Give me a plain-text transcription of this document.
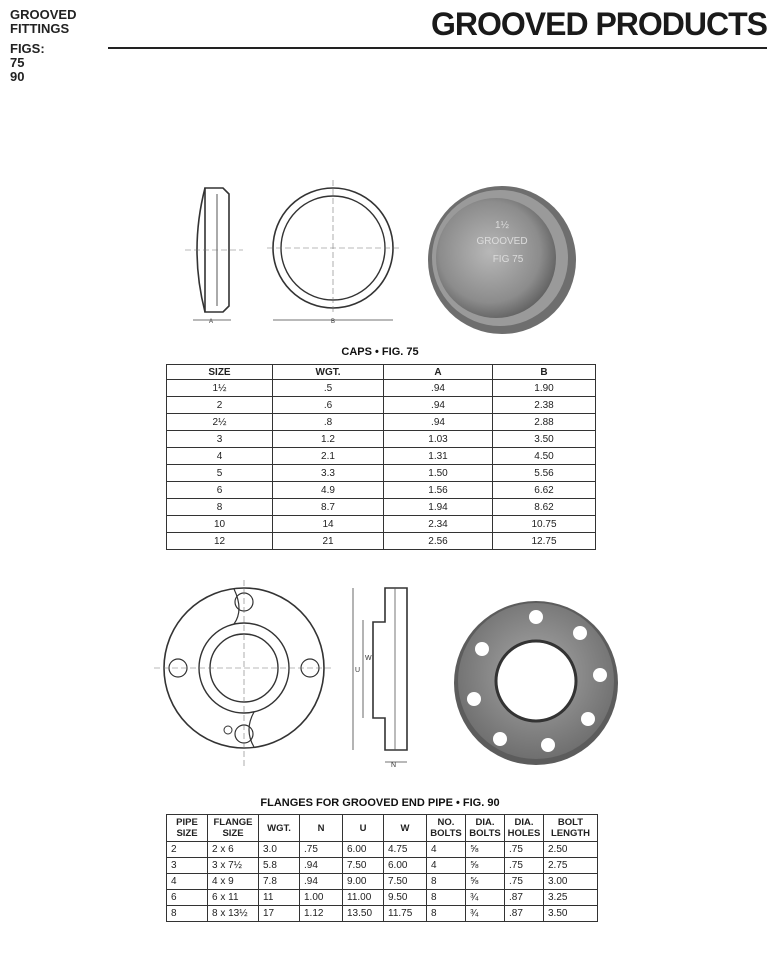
GROOVED
FITTINGS
FIGS:
75
90
GROOVED PRODUCTS
A	B
1½
GROOVED
FIG 75
CAPS • FIG. 75
SIZE	WGT.	A	B
1½	.5	.94	1.90
2	.6	.94	2.38
2½	.8	.94	2.88
3	1.2	1.03	3.50
4	2.1	1.31	4.50
5	3.3	1.50	5.56
6	4.9	1.56	6.62
8	8.7	1.94	8.62
10	14	2.34	10.75
12	21	2.56	12.75
U
W
N
FLANGES FOR GROOVED END PIPE • FIG. 90
PIPE SIZE	FLANGE SIZE	WGT.	N	U	W	NO. BOLTS	DIA. BOLTS	DIA. HOLES	BOLT LENGTH
2	2 x 6	3.0	.75	6.00	4.75	4	⅝	.75	2.50
3	3 x 7½	5.8	.94	7.50	6.00	4	⅝	.75	2.75
4	4 x 9	7.8	.94	9.00	7.50	8	⅝	.75	3.00
6	6 x 11	11	1.00	11.00	9.50	8	¾	.87	3.25
8	8 x 13½	17	1.12	13.50	11.75	8	¾	.87	3.50
